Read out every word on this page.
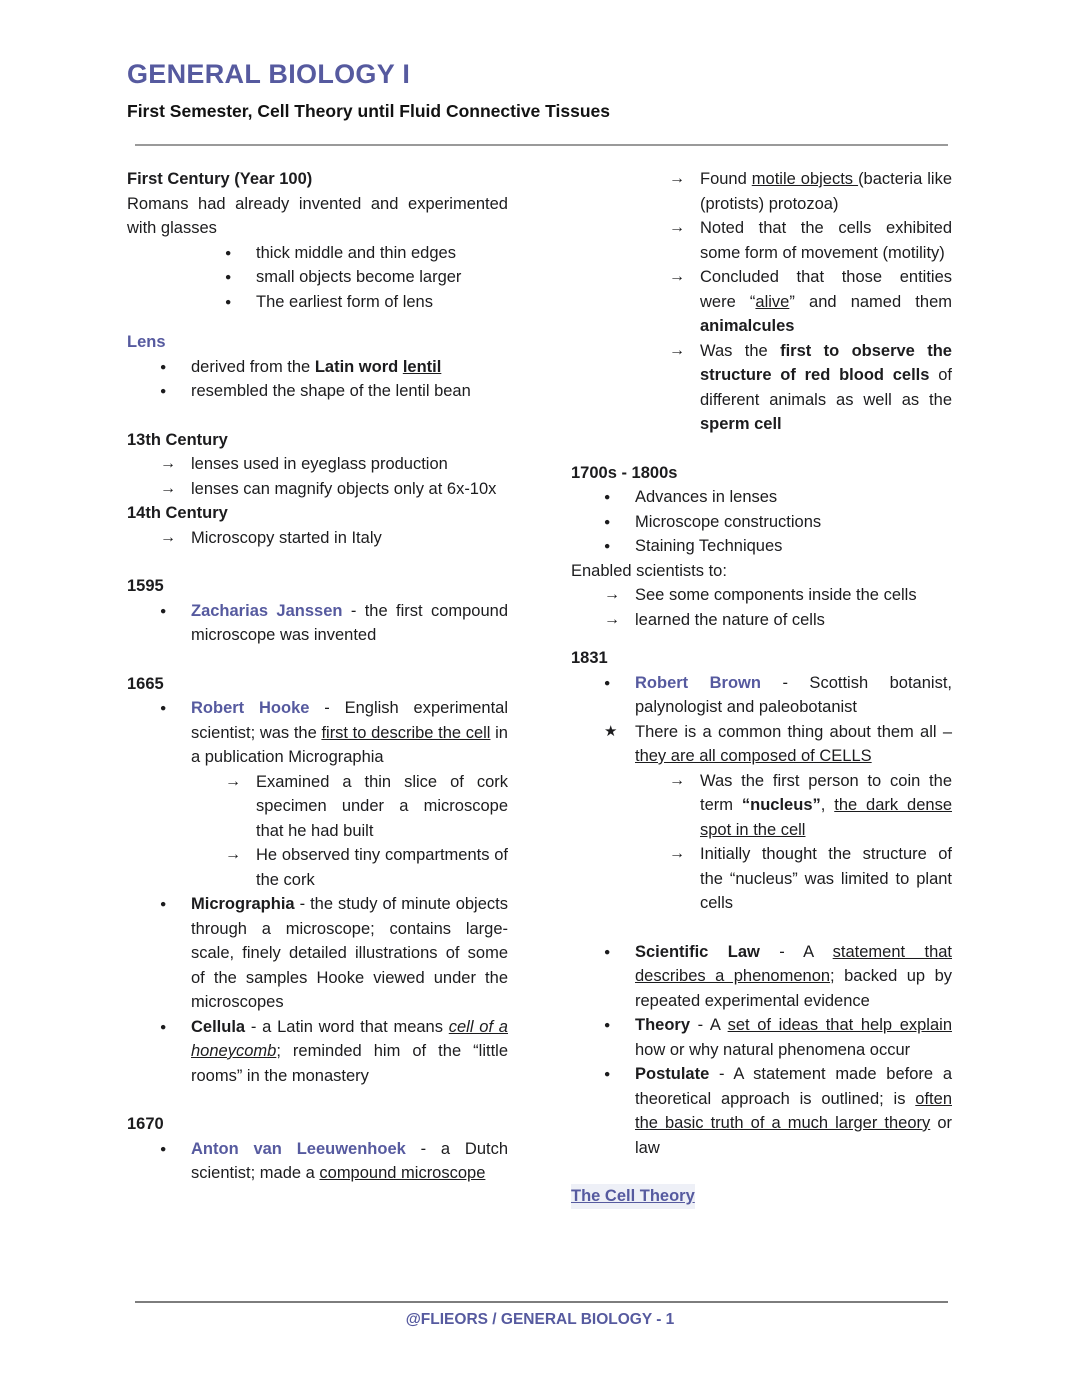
GENERAL BIOLOGY I
First Semester, Cell Theory until Fluid Connective Tissues
First Century (Year 100)
Romans had already invented and experimented with glasses
●	thick middle and thin edges
●	small objects become larger
●	The earliest form of lens
Lens
●	derived from the Latin word lentil
●	resembled the shape of the lentil bean
13th Century
→ lenses used in eyeglass production
→ lenses can magnify objects only at 6x-10x
14th Century
→ Microscopy started in Italy
1595
●	Zacharias Janssen - the first compound microscope was invented
1665
●	Robert Hooke - English experimental scientist; was the first to describe the cell in a publication Micrographia
→ Examined a thin slice of cork specimen under a microscope that he had built
→ He observed tiny compartments of the cork
●	Micrographia - the study of minute objects through a microscope; contains large-scale, finely detailed illustrations of some of the samples Hooke viewed under the microscopes
●	Cellula - a Latin word that means cell of a honeycomb; reminded him of the “little rooms” in the monastery
1670
●	Anton van Leeuwenhoek - a Dutch scientist; made a compound microscope
→ Found motile objects (bacteria like (protists) protozoa)
→ Noted that the cells exhibited some form of movement (motility)
→ Concluded that those entities were “alive” and named them animalcules
→ Was the first to observe the structure of red blood cells of different animals as well as the sperm cell
1700s - 1800s
●	Advances in lenses
●	Microscope constructions
●	Staining Techniques
Enabled scientists to:
→ See some components inside the cells
→ learned the nature of cells
1831
●	Robert Brown - Scottish botanist, palynologist and paleobotanist
★	There is a common thing about them all – they are all composed of CELLS
→ Was the first person to coin the term “nucleus”, the dark dense spot in the cell
→ Initially thought the structure of the “nucleus” was limited to plant cells
●	Scientific Law - A statement that describes a phenomenon; backed up by repeated experimental evidence
●	Theory - A set of ideas that help explain how or why natural phenomena occur
●	Postulate - A statement made before a theoretical approach is outlined; is often the basic truth of a much larger theory or law
The Cell Theory
@FLIEORS / GENERAL BIOLOGY - 1
